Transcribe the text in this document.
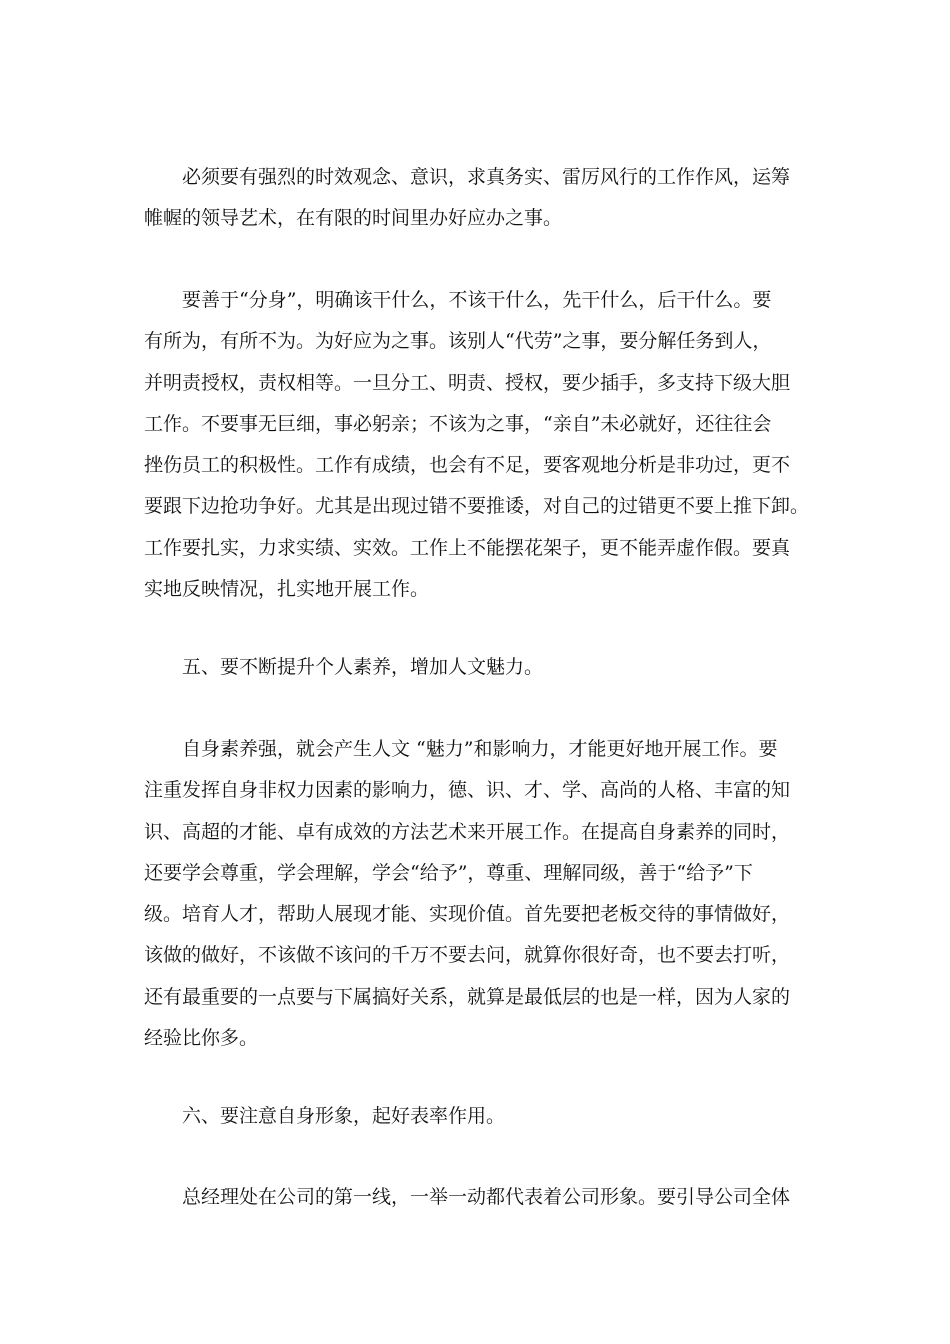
必须要有强烈的时效观念、意识，求真务实、雷厉风行的工作作风，运筹
帷幄的领导艺术，在有限的时间里办好应办之事。
要善于“分身”，明确该干什么，不该干什么，先干什么，后干什么。要
有所为，有所不为。为好应为之事。该别人“代劳”之事，要分解任务到人，
并明责授权，责权相等。一旦分工、明责、授权，要少插手，多支持下级大胆
工作。不要事无巨细，事必躬亲；不该为之事，“亲自”未必就好，还往往会
挫伤员工的积极性。工作有成绩，也会有不足，要客观地分析是非功过，更不
要跟下边抢功争好。尤其是出现过错不要推诿，对自己的过错更不要上推下卸。
工作要扎实，力求实绩、实效。工作上不能摆花架子，更不能弄虚作假。要真
实地反映情况，扎实地开展工作。
五、要不断提升个人素养，增加人文魅力。
自身素养强，就会产生人文 “魅力”和影响力，才能更好地开展工作。要
注重发挥自身非权力因素的影响力，德、识、才、学、高尚的人格、丰富的知
识、高超的才能、卓有成效的方法艺术来开展工作。在提高自身素养的同时，
还要学会尊重，学会理解，学会“给予”，尊重、理解同级，善于“给予”下
级。培育人才，帮助人展现才能、实现价值。首先要把老板交待的事情做好，
该做的做好，不该做不该问的千万不要去问，就算你很好奇，也不要去打听，
还有最重要的一点要与下属搞好关系，就算是最低层的也是一样，因为人家的
经验比你多。
六、要注意自身形象，起好表率作用。
总经理处在公司的第一线，一举一动都代表着公司形象。要引导公司全体
